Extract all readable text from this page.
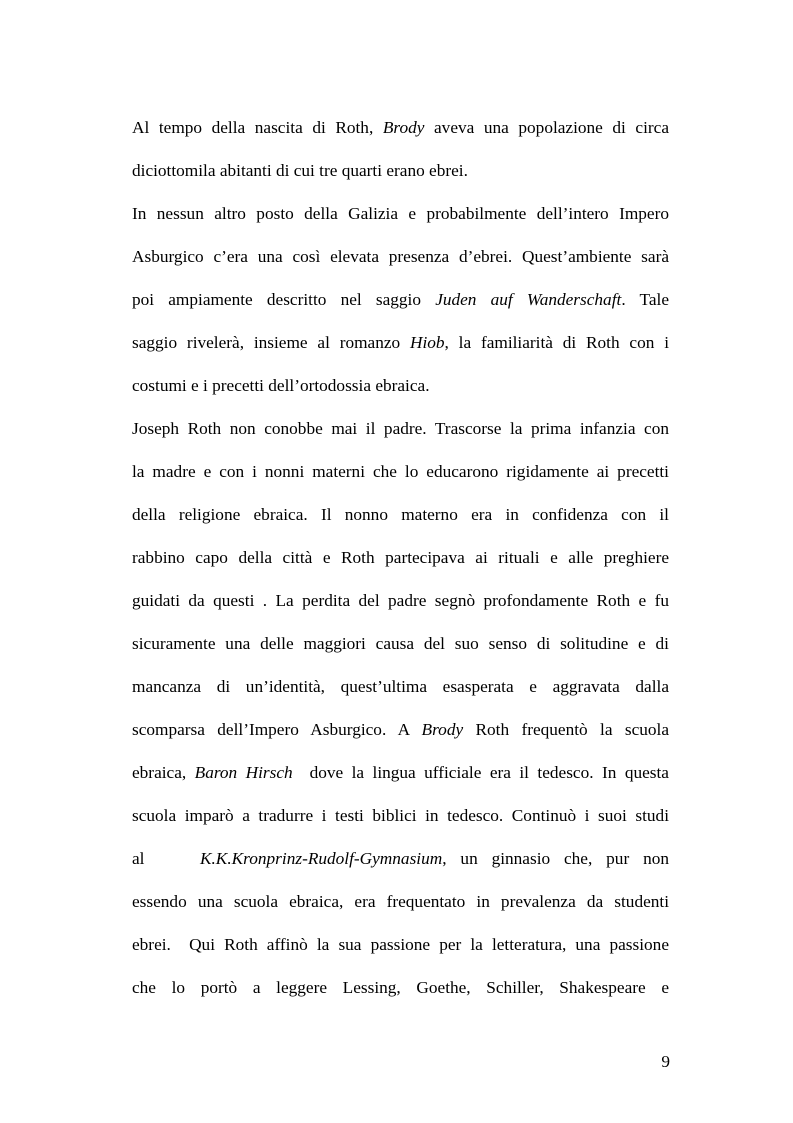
Al tempo della nascita di Roth, Brody aveva una popolazione di circa
diciottomila abitanti di cui tre quarti erano ebrei.
In nessun altro posto della Galizia e probabilmente dell’intero Impero
Asburgico c’era una così elevata presenza d’ebrei. Quest’ambiente sarà
poi ampiamente descritto nel saggio Juden auf Wanderschaft. Tale
saggio rivelerà, insieme al romanzo Hiob, la familiarità di Roth con i
costumi e i precetti dell’ortodossia ebraica.
Joseph Roth non conobbe mai il padre. Trascorse la prima infanzia con
la madre e con i nonni materni che lo educarono rigidamente ai precetti
della religione ebraica. Il nonno materno era in confidenza con il
rabbino capo della città e Roth partecipava ai rituali e alle preghiere
guidati da questi . La perdita del padre segnò profondamente Roth e fu
sicuramente una delle maggiori causa del suo senso di solitudine e di
mancanza di un’identità, quest’ultima esasperata e aggravata dalla
scomparsa dell’Impero Asburgico. A Brody Roth frequentò la scuola
ebraica, Baron Hirsch  dove la lingua ufficiale era il tedesco. In questa
scuola imparò a tradurre i testi biblici in tedesco. Continuò i suoi studi
al    K.K.Kronprinz-Rudolf-Gymnasium, un ginnasio che, pur non
essendo una scuola ebraica, era frequentato in prevalenza da studenti
ebrei.  Qui Roth affinò la sua passione per la letteratura, una passione
che lo portò a leggere Lessing, Goethe, Schiller, Shakespeare e
9
